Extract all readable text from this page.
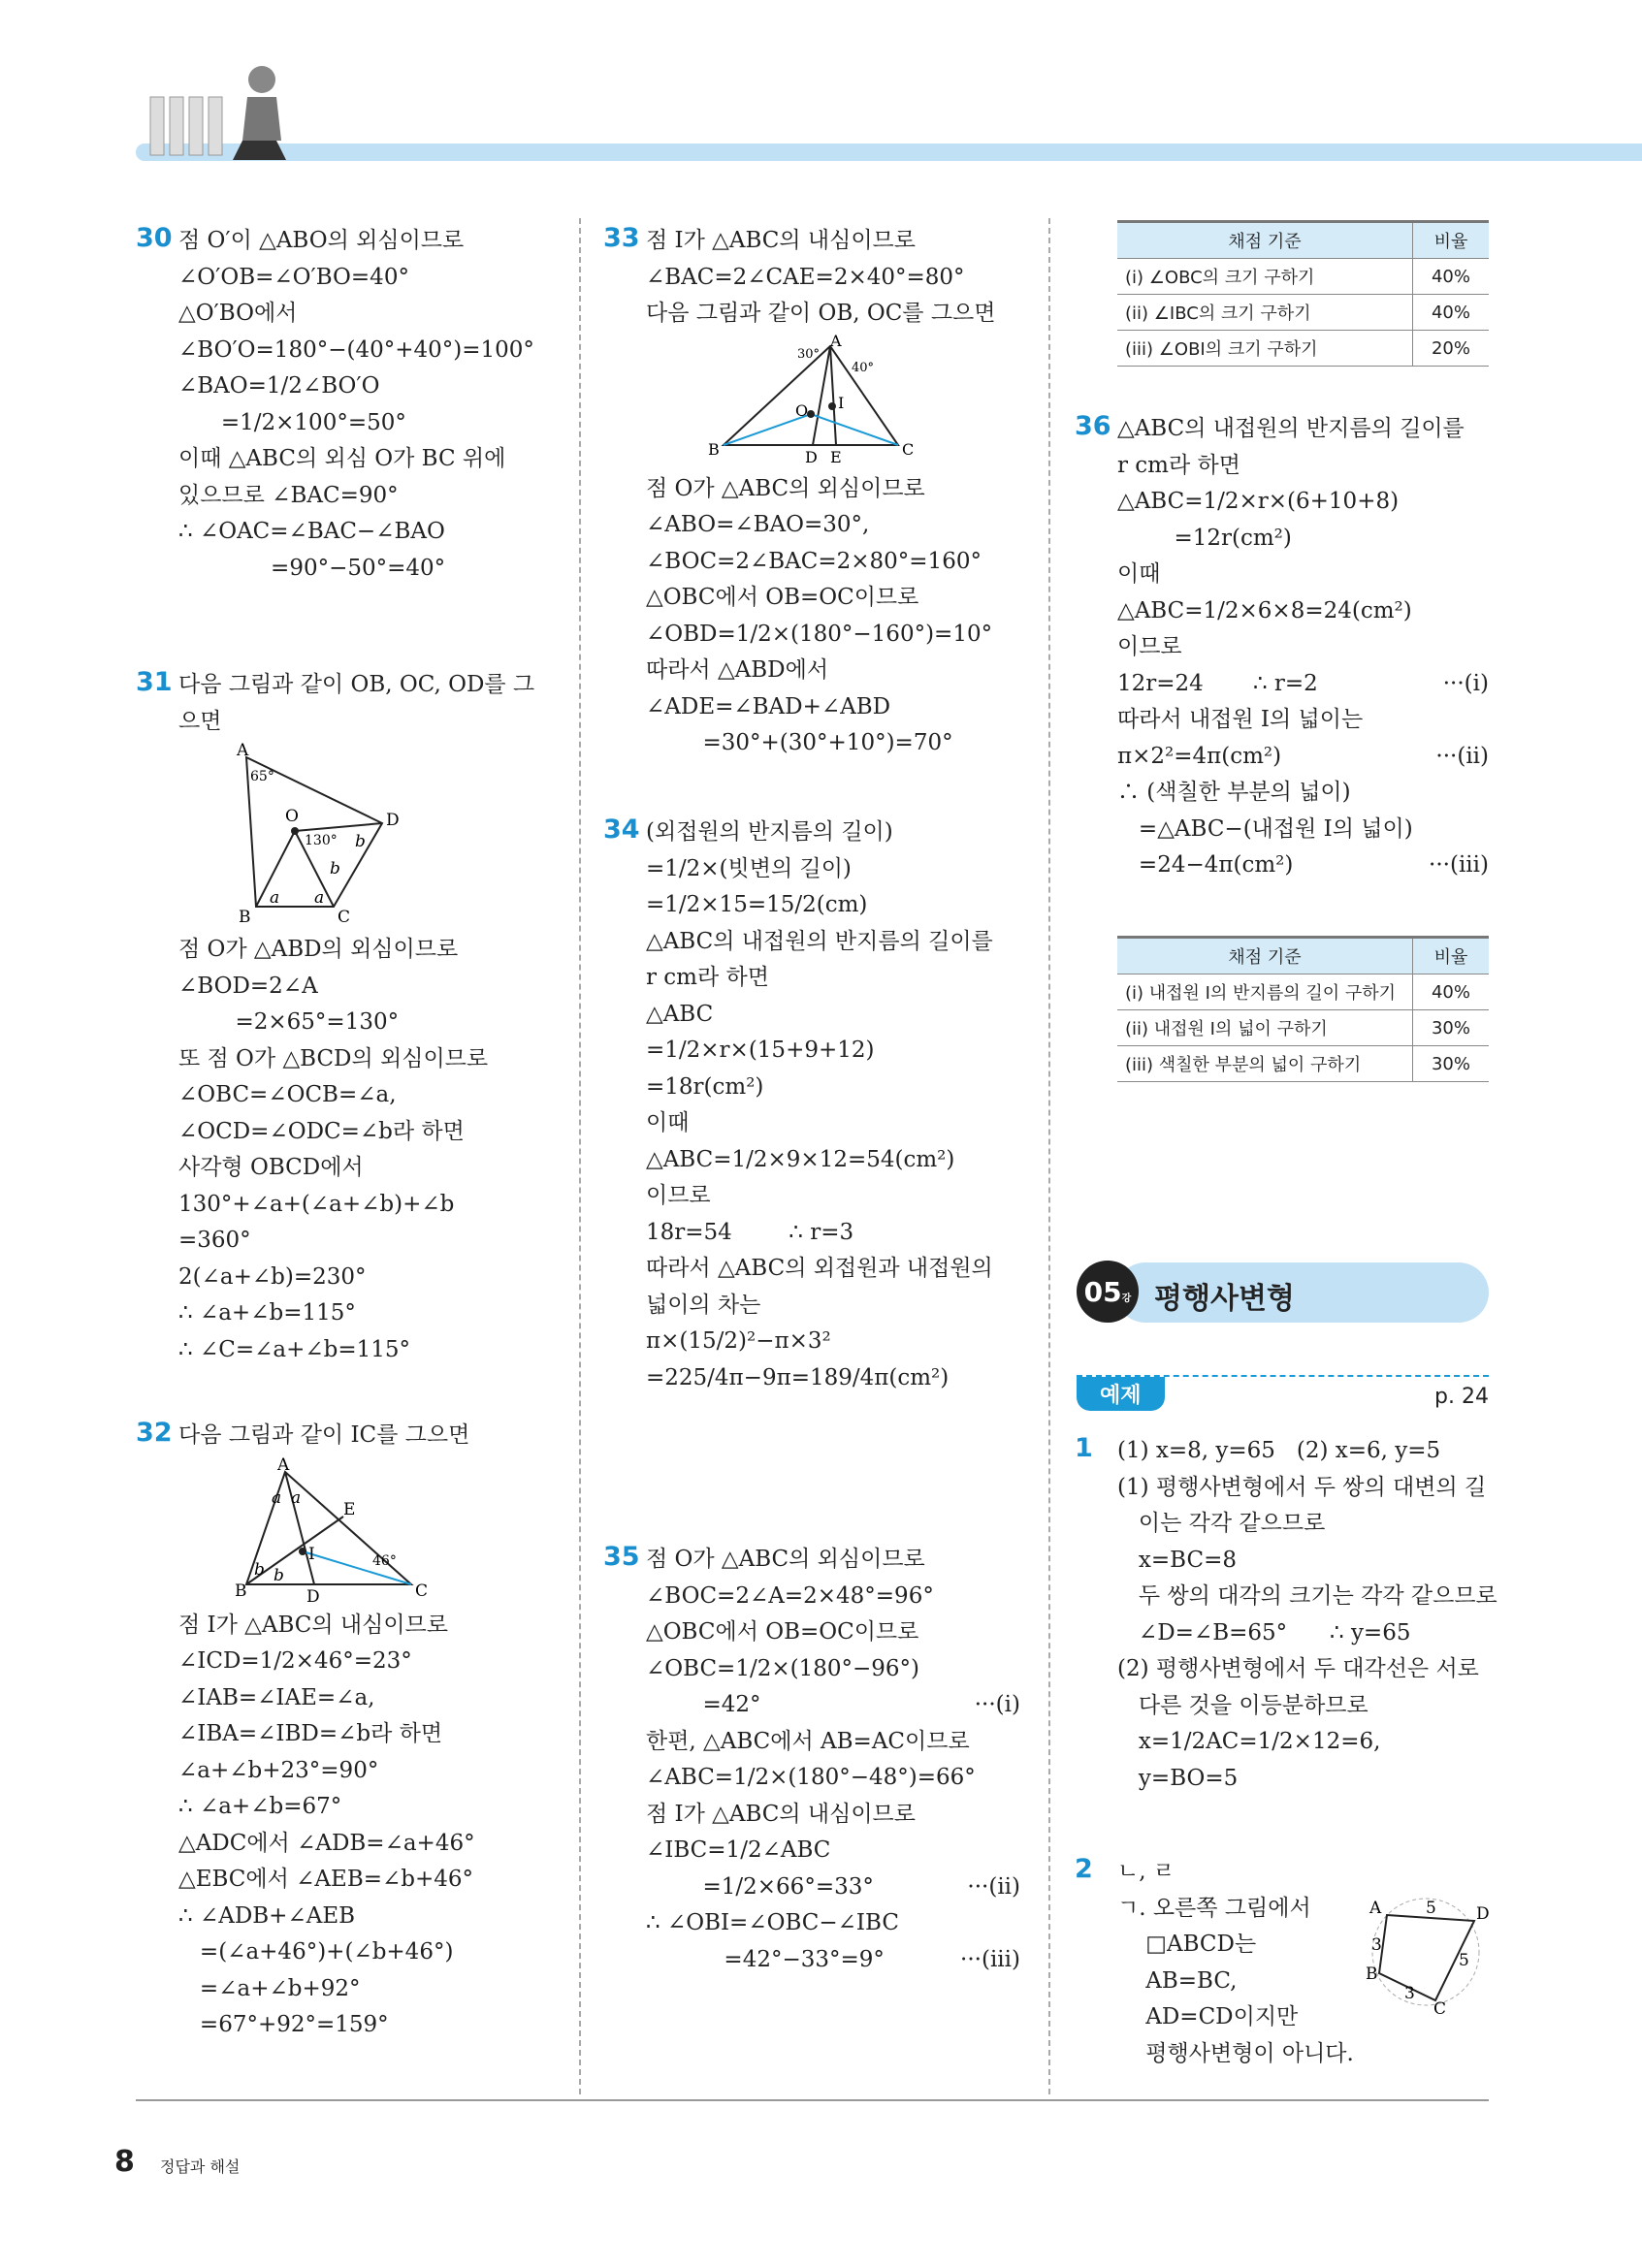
30 점 O′이 △ABO의 외심이므로
∠O′OB=∠O′BO=40°
△O′BO에서
∠BO′O=180°−(40°+40°)=100°
∠BAO=1/2∠BO′O
=1/2×100°=50°
이때 △ABC의 외심 O가 BC 위에
있으므로 ∠BAC=90°
∴ ∠OAC=∠BAC−∠BAO
=90°−50°=40°
31 다음 그림과 같이 OB, OC, OD를 그
으면
A
65°
O
130°
D
B	C
a a
b
b
점 O가 △ABD의 외심이므로
∠BOD=2∠A
=2×65°=130°
또 점 O가 △BCD의 외심이므로
∠OBC=∠OCB=∠a,
∠OCD=∠ODC=∠b라 하면
사각형 OBCD에서
130°+∠a+(∠a+∠b)+∠b
=360°
2(∠a+∠b)=230°
∴ ∠a+∠b=115°
∴ ∠C=∠a+∠b=115°
32 다음 그림과 같이 IC를 그으면
A
E
46°
I
B	D	C
a a
b b
점 I가 △ABC의 내심이므로
∠ICD=1/2×46°=23°
∠IAB=∠IAE=∠a,
∠IBA=∠IBD=∠b라 하면
∠a+∠b+23°=90°
∴ ∠a+∠b=67°
△ADC에서 ∠ADB=∠a+46°
△EBC에서 ∠AEB=∠b+46°
∴ ∠ADB+∠AEB
=(∠a+46°)+(∠b+46°)
=∠a+∠b+92°
=67°+92°=159°
33 점 I가 △ABC의 내심이므로
∠BAC=2∠CAE=2×40°=80°
다음 그림과 같이 OB, OC를 그으면
30°
A
40°
O I
B	D E	C
점 O가 △ABC의 외심이므로
∠ABO=∠BAO=30°,
∠BOC=2∠BAC=2×80°=160°
△OBC에서 OB=OC이므로
∠OBD=1/2×(180°−160°)=10°
따라서 △ABD에서
∠ADE=∠BAD+∠ABD
=30°+(30°+10°)=70°
34 (외접원의 반지름의 길이)
=1/2×(빗변의 길이)
=1/2×15=15/2(cm)
△ABC의 내접원의 반지름의 길이를
r cm라 하면
△ABC
=1/2×r×(15+9+12)
=18r(cm²)
이때
△ABC=1/2×9×12=54(cm²)
이므로
18r=54        ∴ r=3
따라서 △ABC의 외접원과 내접원의
넓이의 차는
π×(15/2)²−π×3²
=225/4π−9π=189/4π(cm²)
35 점 O가 △ABC의 외심이므로
∠BOC=2∠A=2×48°=96°
△OBC에서 OB=OC이므로
∠OBC=1/2×(180°−96°)
=42°	···(i)
한편, △ABC에서 AB=AC이므로
∠ABC=1/2×(180°−48°)=66°
점 I가 △ABC의 내심이므로
∠IBC=1/2∠ABC
=1/2×66°=33°	···(ii)
∴ ∠OBI=∠OBC−∠IBC
=42°−33°=9°	···(iii)
36 △ABC의 내접원의 반지름의 길이를
r cm라 하면
△ABC=1/2×r×(6+10+8)
=12r(cm²)
이때
△ABC=1/2×6×8=24(cm²)
이므로
12r=24       ∴ r=2	···(i)
따라서 내접원 I의 넓이는
π×2²=4π(cm²)	···(ii)
∴ (색칠한 부분의 넓이)
=△ABC−(내접원 I의 넓이)
=24−4π(cm²)	···(iii)
1 (1) x=8, y=65   (2) x=6, y=5
(1) 평행사변형에서 두 쌍의 대변의 길
이는 각각 같으므로
x=BC=8
두 쌍의 대각의 크기는 각각 같으므로
∠D=∠B=65°      ∴ y=65
(2) 평행사변형에서 두 대각선은 서로
다른 것을 이등분하므로
x=1/2AC=1/2×12=6,
y=BO=5
2 ㄴ, ㄹ
ㄱ. 오른쪽 그림에서
□ABCD는
AB=BC,
AD=CD이지만
평행사변형이 아니다.
채점 기준	비율
(i) ∠OBC의 크기 구하기	40%
(ii) ∠IBC의 크기 구하기	40%
(iii) ∠OBI의 크기 구하기	20%
채점 기준	비율
(i) 내접원 I의 반지름의 길이 구하기	40%
(ii) 내접원 I의 넓이 구하기	30%
(iii) 색칠한 부분의 넓이 구하기	30%
05 강 평행사변형
예제	p. 24
A	5 D
3
B
5
3
C
8 정답과 해설
